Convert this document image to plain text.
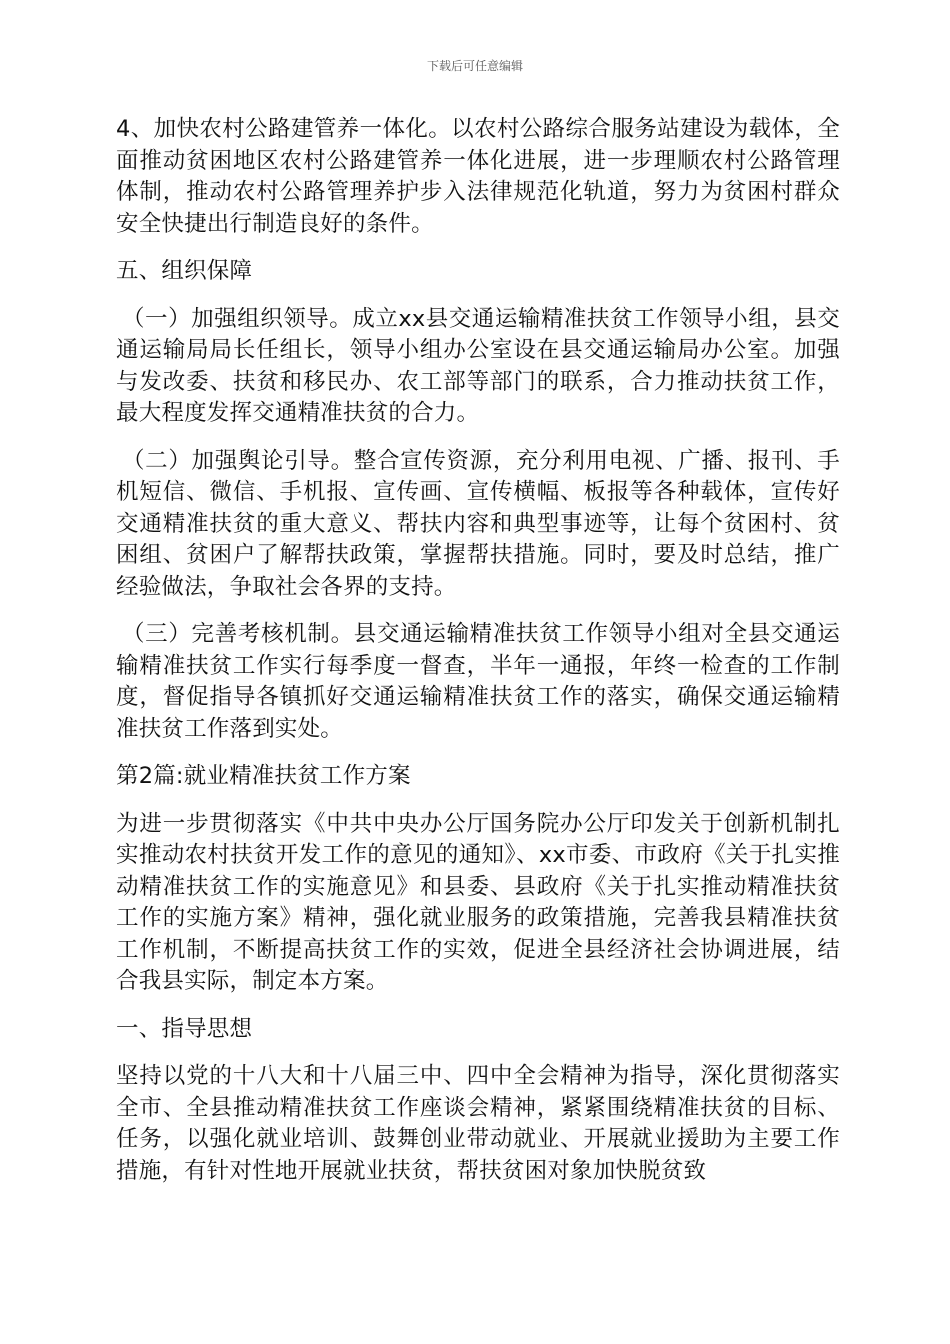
下载后可任意编辑

4、加快农村公路建管养一体化。以农村公路综合服务站建设为载体，全面推动贫困地区农村公路建管养一体化进展，进一步理顺农村公路管理体制，推动农村公路管理养护步入法律规范化轨道，努力为贫困村群众安全快捷出行制造良好的条件。

五、组织保障

（一）加强组织领导。成立xx县交通运输精准扶贫工作领导小组，县交通运输局局长任组长，领导小组办公室设在县交通运输局办公室。加强与发改委、扶贫和移民办、农工部等部门的联系，合力推动扶贫工作，最大程度发挥交通精准扶贫的合力。

（二）加强舆论引导。整合宣传资源，充分利用电视、广播、报刊、手机短信、微信、手机报、宣传画、宣传横幅、板报等各种载体，宣传好交通精准扶贫的重大意义、帮扶内容和典型事迹等，让每个贫困村、贫困组、贫困户了解帮扶政策，掌握帮扶措施。同时，要及时总结，推广经验做法，争取社会各界的支持。

（三）完善考核机制。县交通运输精准扶贫工作领导小组对全县交通运输精准扶贫工作实行每季度一督查，半年一通报，年终一检查的工作制度，督促指导各镇抓好交通运输精准扶贫工作的落实，确保交通运输精准扶贫工作落到实处。

第2篇:就业精准扶贫工作方案

为进一步贯彻落实《中共中央办公厅国务院办公厅印发关于创新机制扎实推动农村扶贫开发工作的意见的通知》、xx市委、市政府《关于扎实推动精准扶贫工作的实施意见》和县委、县政府《关于扎实推动精准扶贫工作的实施方案》精神，强化就业服务的政策措施，完善我县精准扶贫工作机制，不断提高扶贫工作的实效，促进全县经济社会协调进展，结合我县实际，制定本方案。

一、指导思想

坚持以党的十八大和十八届三中、四中全会精神为指导，深化贯彻落实全市、全县推动精准扶贫工作座谈会精神，紧紧围绕精准扶贫的目标、任务，以强化就业培训、鼓舞创业带动就业、开展就业援助为主要工作措施，有针对性地开展就业扶贫，帮扶贫困对象加快脱贫致
